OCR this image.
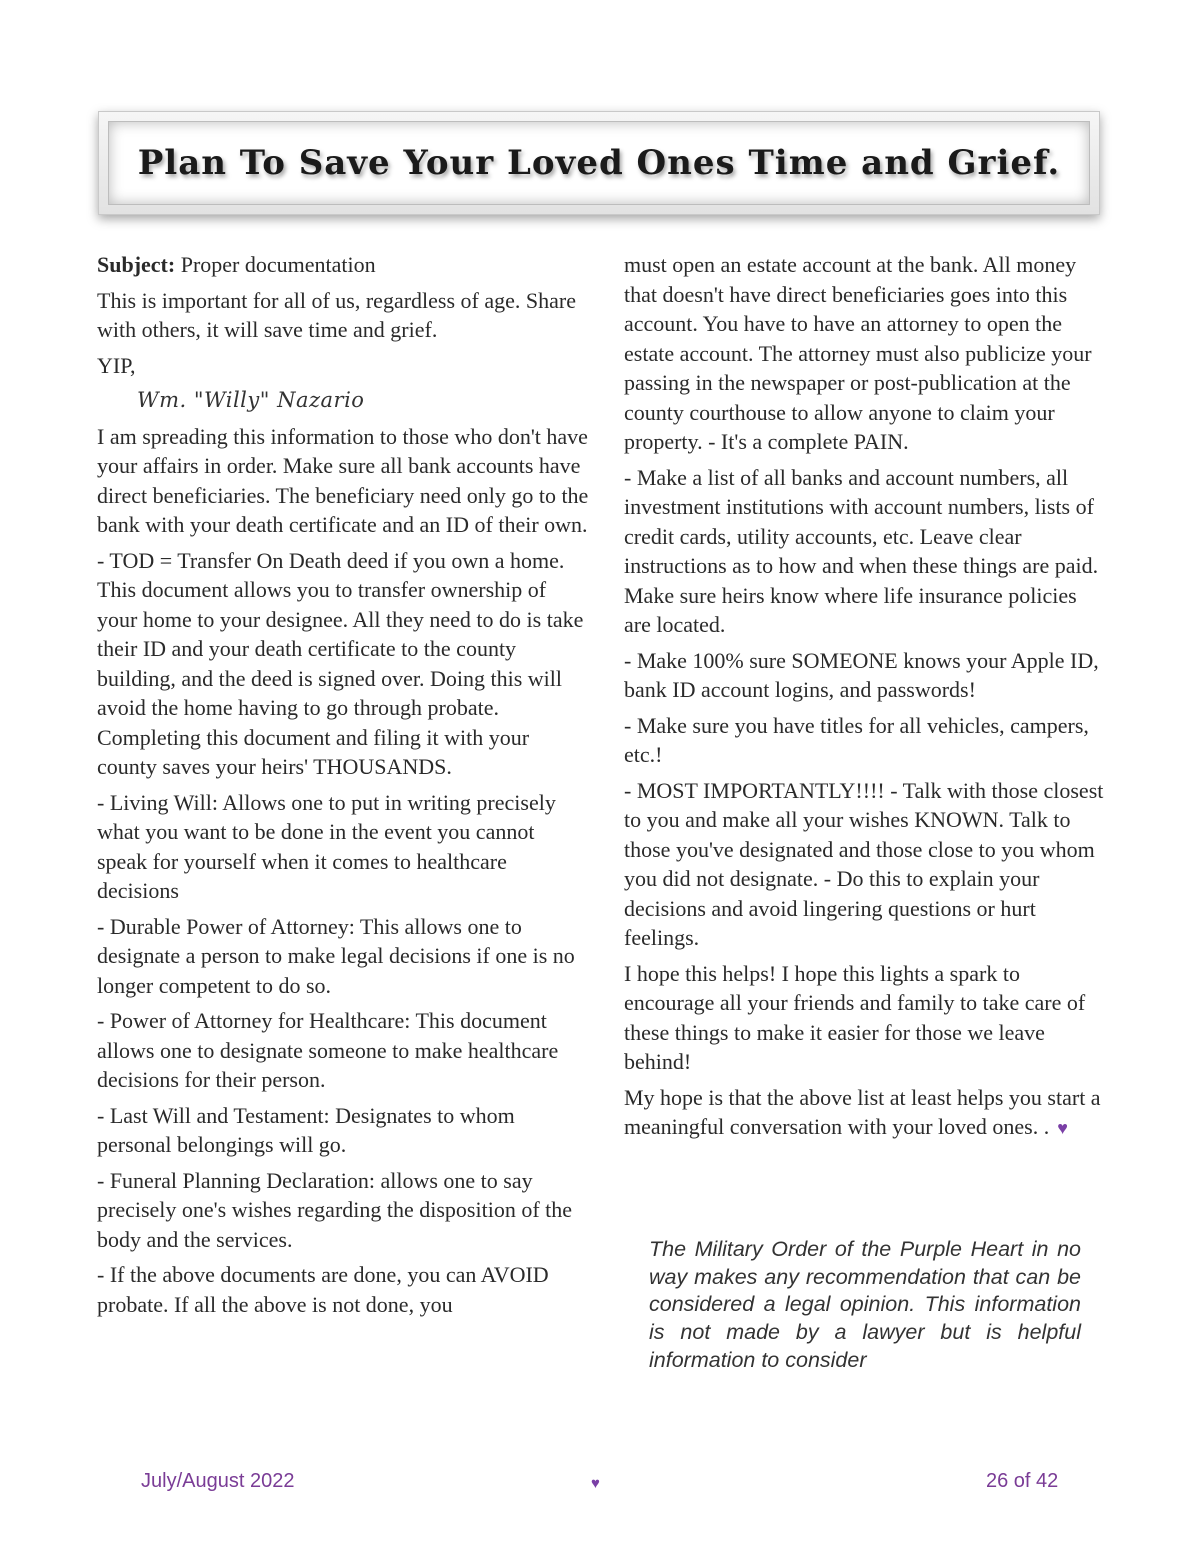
Plan To Save Your Loved Ones Time and Grief.

Subject: Proper documentation

This is important for all of us, regardless of age. Share with others, it will save time and grief.

YIP,

Wm. "Willy" Nazario

I am spreading this information to those who don't have your affairs in order. Make sure all bank accounts have direct beneficiaries. The beneficiary need only go to the bank with your death certificate and an ID of their own.

- TOD = Transfer On Death deed if you own a home. This document allows you to transfer ownership of your home to your designee. All they need to do is take their ID and your death certificate to the county building, and the deed is signed over. Doing this will avoid the home having to go through probate. Completing this document and filing it with your county saves your heirs' THOUSANDS.

- Living Will: Allows one to put in writing precisely what you want to be done in the event you cannot speak for yourself when it comes to healthcare decisions

- Durable Power of Attorney: This allows one to designate a person to make legal decisions if one is no longer competent to do so.

- Power of Attorney for Healthcare: This document allows one to designate someone to make healthcare decisions for their person.

- Last Will and Testament: Designates to whom personal belongings will go.

- Funeral Planning Declaration: allows one to say precisely one's wishes regarding the disposition of the body and the services.

- If the above documents are done, you can AVOID probate. If all the above is not done, you

must open an estate account at the bank. All money that doesn't have direct beneficiaries goes into this account. You have to have an attorney to open the estate account. The attorney must also publicize your passing in the newspaper or post-publication at the county courthouse to allow anyone to claim your property. - It's a complete PAIN.

- Make a list of all banks and account numbers, all investment institutions with account numbers, lists of credit cards, utility accounts, etc. Leave clear instructions as to how and when these things are paid. Make sure heirs know where life insurance policies are located.

- Make 100% sure SOMEONE knows your Apple ID, bank ID account logins, and passwords!

- Make sure you have titles for all vehicles, campers, etc.!

- MOST IMPORTANTLY!!!! - Talk with those closest to you and make all your wishes KNOWN. Talk to those you've designated and those close to you whom you did not designate. - Do this to explain your decisions and avoid lingering questions or hurt feelings.

I hope this helps! I hope this lights a spark to encourage all your friends and family to take care of these things to make it easier for those we leave behind!

My hope is that the above list at least helps you start a meaningful conversation with your loved ones. . ♥

The Military Order of the Purple Heart in no way makes any recommendation that can be considered a legal opinion. This information is not made by a lawyer but is helpful information to consider

July/August 2022	♥	26 of 42
